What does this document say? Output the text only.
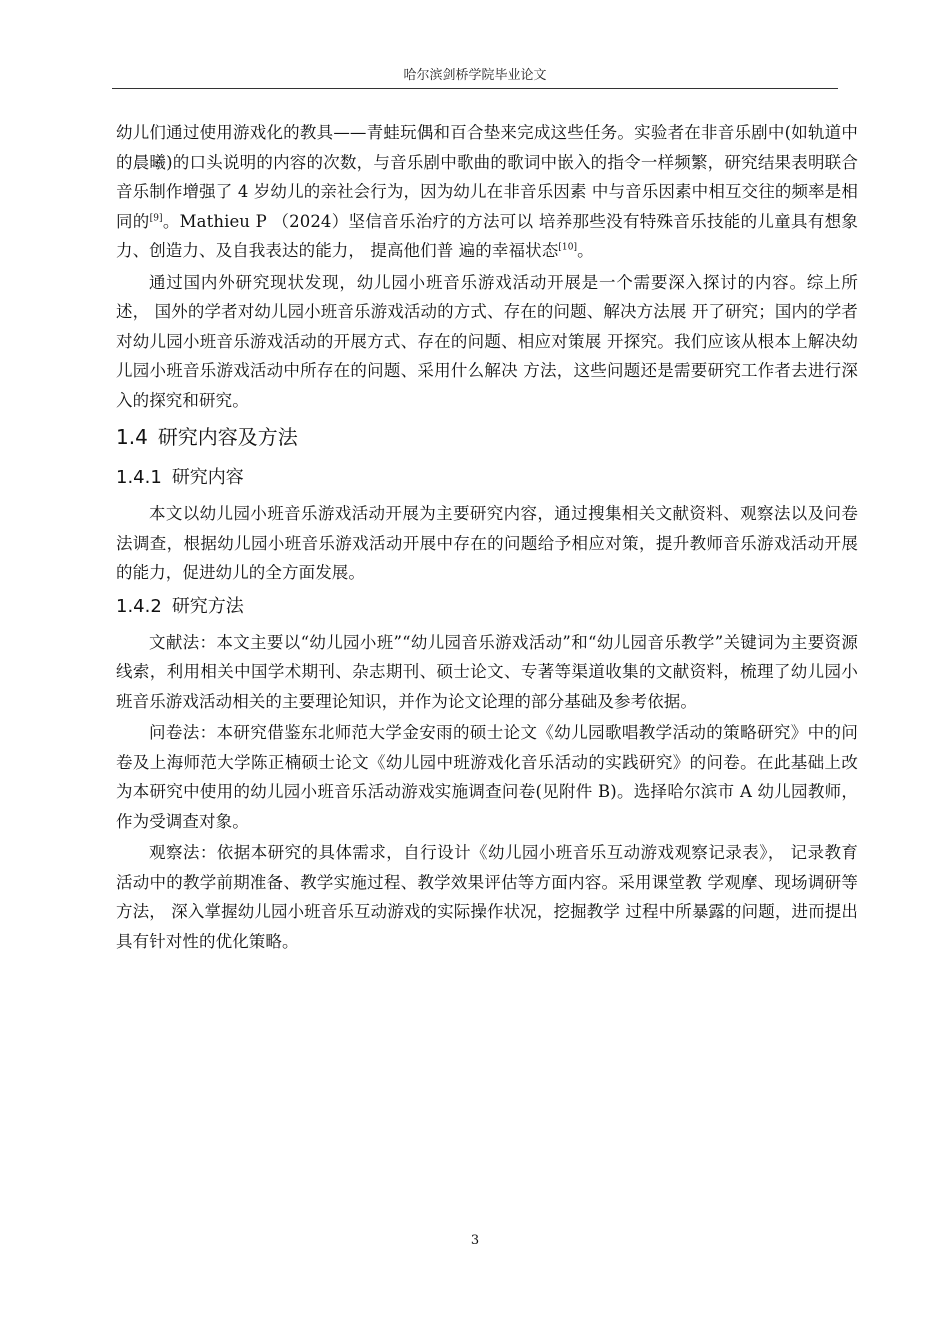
哈尔滨剑桥学院毕业论文

幼儿们通过使用游戏化的教具——青蛙玩偶和百合垫来完成这些任务。实验者在非音乐剧中(如轨道中的晨曦)的口头说明的内容的次数，与音乐剧中歌曲的歌词中嵌入的指令一样频繁，研究结果表明联合音乐制作增强了 4 岁幼儿的亲社会行为，因为幼儿在非音乐因素 中与音乐因素中相互交往的频率是相同的[9]。Mathieu P （2024）坚信音乐治疗的方法可以 培养那些没有特殊音乐技能的儿童具有想象力、创造力、及自我表达的能力， 提高他们普 遍的幸福状态[10]。

通过国内外研究现状发现，幼儿园小班音乐游戏活动开展是一个需要深入探讨的内容。综上所述， 国外的学者对幼儿园小班音乐游戏活动的方式、存在的问题、解决方法展 开了研究；国内的学者对幼儿园小班音乐游戏活动的开展方式、存在的问题、相应对策展 开探究。我们应该从根本上解决幼儿园小班音乐游戏活动中所存在的问题、采用什么解决 方法，这些问题还是需要研究工作者去进行深入的探究和研究。

1.4 研究内容及方法
1.4.1 研究内容

本文以幼儿园小班音乐游戏活动开展为主要研究内容，通过搜集相关文献资料、观察法以及问卷法调查，根据幼儿园小班音乐游戏活动开展中存在的问题给予相应对策，提升教师音乐游戏活动开展的能力，促进幼儿的全方面发展。

1.4.2 研究方法

文献法：本文主要以“幼儿园小班”“幼儿园音乐游戏活动”和“幼儿园音乐教学”关键词为主要资源线索，利用相关中国学术期刊、杂志期刊、硕士论文、专著等渠道收集的文献资料，梳理了幼儿园小班音乐游戏活动相关的主要理论知识，并作为论文论理的部分基础及参考依据。

问卷法：本研究借鉴东北师范大学金安雨的硕士论文《幼儿园歌唱教学活动的策略研究》中的问卷及上海师范大学陈正楠硕士论文《幼儿园中班游戏化音乐活动的实践研究》的问卷。在此基础上改为本研究中使用的幼儿园小班音乐活动游戏实施调查问卷(见附件 B)。选择哈尔滨市 A 幼儿园教师，作为受调查对象。

观察法：依据本研究的具体需求，自行设计《幼儿园小班音乐互动游戏观察记录表》， 记录教育活动中的教学前期准备、教学实施过程、教学效果评估等方面内容。采用课堂教 学观摩、现场调研等方法， 深入掌握幼儿园小班音乐互动游戏的实际操作状况，挖掘教学 过程中所暴露的问题，进而提出具有针对性的优化策略。

3
